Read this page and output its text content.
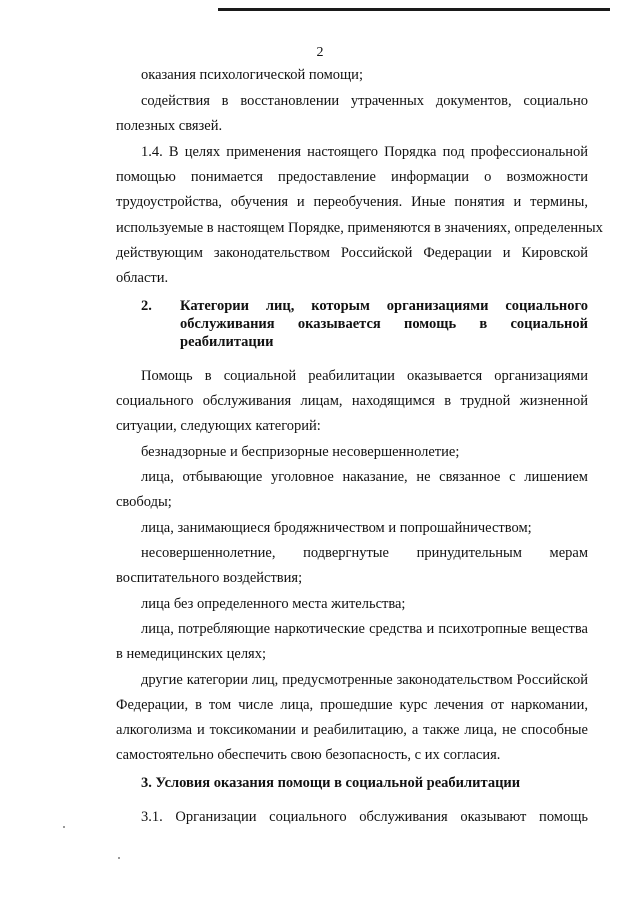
2
оказания психологической помощи;
содействия в восстановлении утраченных документов, социально
полезных связей.
1.4. В целях применения настоящего Порядка под профессиональной
помощью понимается предоставление информации о возможности
трудоустройства, обучения и переобучения. Иные понятия и термины,
используемые в настоящем Порядке, применяются в значениях, определенных
действующим законодательством Российской Федерации и Кировской
области.
2. Категории лиц, которым организациями социального
обслуживания оказывается помощь в социальной
реабилитации
Помощь в социальной реабилитации оказывается организациями
социального обслуживания лицам, находящимся в трудной жизненной
ситуации, следующих категорий:
безнадзорные и беспризорные несовершеннолетие;
лица, отбывающие уголовное наказание, не связанное с лишением
свободы;
лица, занимающиеся бродяжничеством и попрошайничеством;
несовершеннолетние, подвергнутые принудительным мерам
воспитательного воздействия;
лица без определенного места жительства;
лица, потребляющие наркотические средства и психотропные вещества
в немедицинских целях;
другие категории лиц, предусмотренные законодательством Российской
Федерации, в том числе лица, прошедшие курс лечения от наркомании,
алкоголизма и токсикомании и реабилитацию, а также лица, не способные
самостоятельно обеспечить свою безопасность, с их согласия.
3. Условия оказания помощи в социальной реабилитации
3.1. Организации социального обслуживания оказывают помощь
